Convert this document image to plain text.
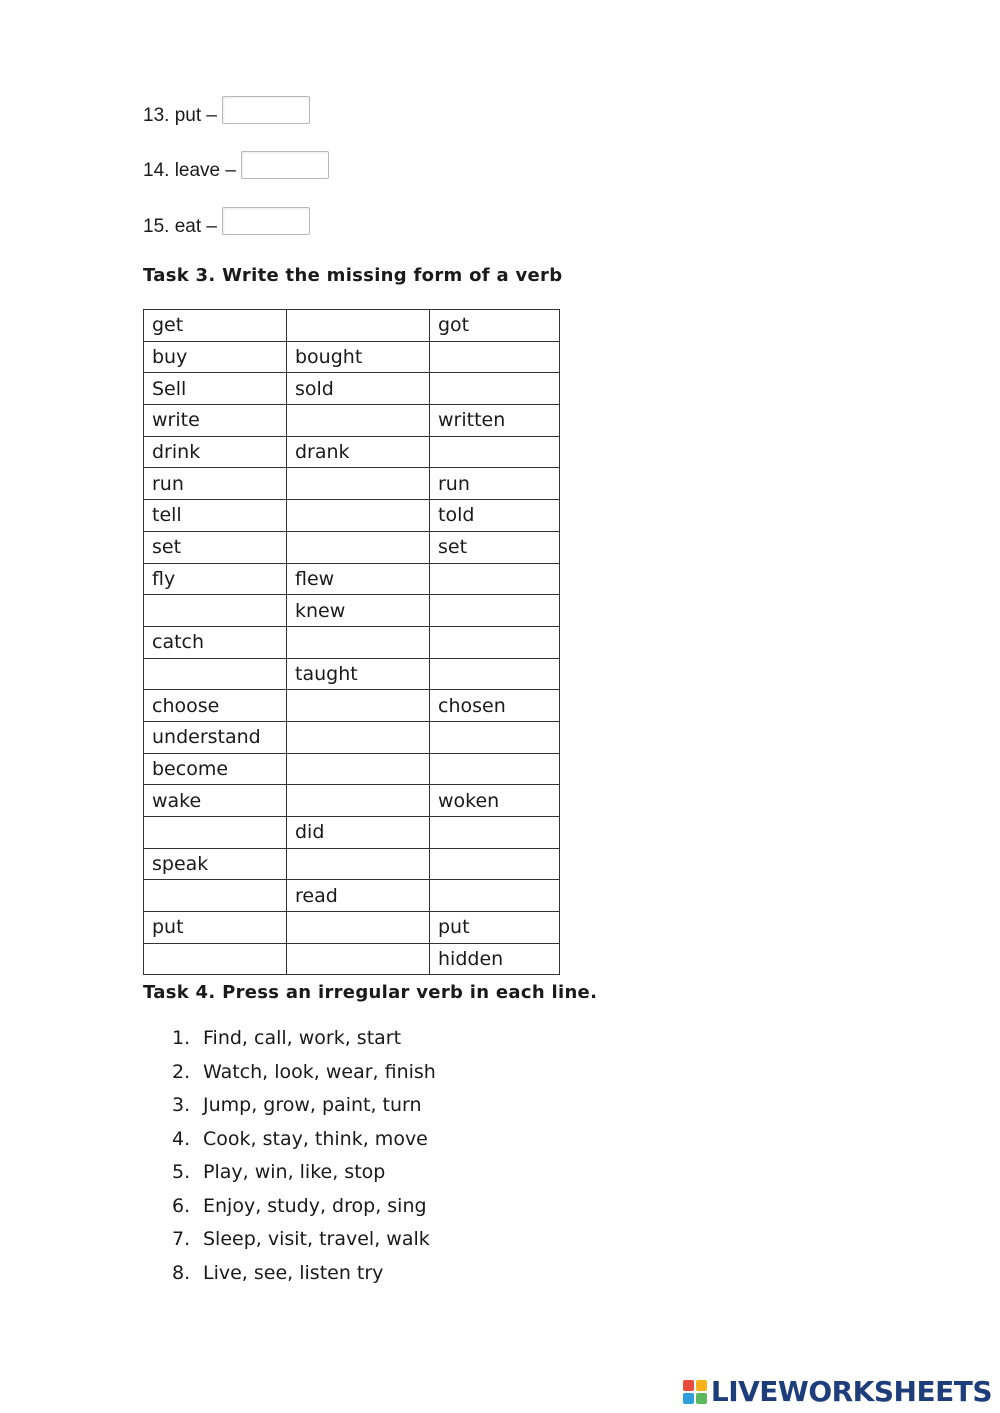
13. put –
14. leave –
15. eat –
Task 3. Write the missing form of a verb
get		got
buy	bought	
Sell	sold	
write		written
drink	drank	
run		run
tell		told
set		set
fly	flew	
	knew	
catch		
	taught	
choose		chosen
understand		
become		
wake		woken
	did	
speak		
	read	
put		put
		hidden
Task 4. Press an irregular verb in each line.
1. Find, call, work, start
2. Watch, look, wear, finish
3. Jump, grow, paint, turn
4. Cook, stay, think, move
5. Play, win, like, stop
6. Enjoy, study, drop, sing
7. Sleep, visit, travel, walk
8. Live, see, listen try
LIVEWORKSHEETS
